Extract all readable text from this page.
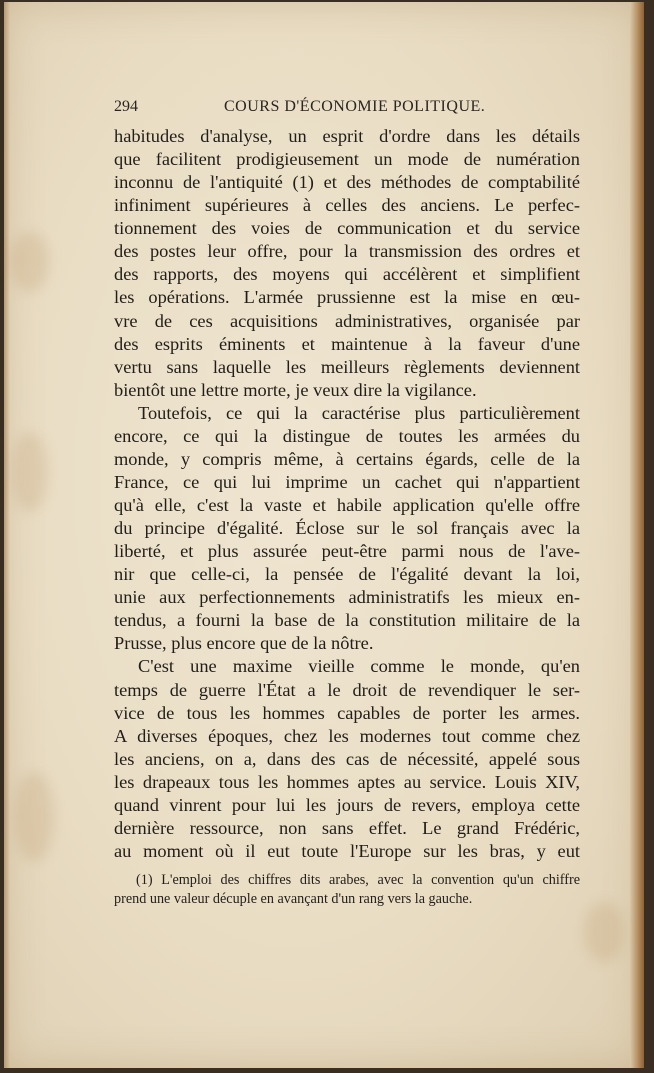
294	COURS D'ÉCONOMIE POLITIQUE.
habitudes d'analyse, un esprit d'ordre dans les détails
que facilitent prodigieusement un mode de numération
inconnu de l'antiquité (1) et des méthodes de comptabilité
infiniment supérieures à celles des anciens. Le perfec-
tionnement des voies de communication et du service
des postes leur offre, pour la transmission des ordres et
des rapports, des moyens qui accélèrent et simplifient
les opérations. L'armée prussienne est la mise en œu-
vre de ces acquisitions administratives, organisée par
des esprits éminents et maintenue à la faveur d'une
vertu sans laquelle les meilleurs règlements deviennent
bientôt une lettre morte, je veux dire la vigilance.
Toutefois, ce qui la caractérise plus particulièrement
encore, ce qui la distingue de toutes les armées du
monde, y compris même, à certains égards, celle de la
France, ce qui lui imprime un cachet qui n'appartient
qu'à elle, c'est la vaste et habile application qu'elle offre
du principe d'égalité. Éclose sur le sol français avec la
liberté, et plus assurée peut-être parmi nous de l'ave-
nir que celle-ci, la pensée de l'égalité devant la loi,
unie aux perfectionnements administratifs les mieux en-
tendus, a fourni la base de la constitution militaire de la
Prusse, plus encore que de la nôtre.
C'est une maxime vieille comme le monde, qu'en
temps de guerre l'État a le droit de revendiquer le ser-
vice de tous les hommes capables de porter les armes.
A diverses époques, chez les modernes tout comme chez
les anciens, on a, dans des cas de nécessité, appelé sous
les drapeaux tous les hommes aptes au service. Louis XIV,
quand vinrent pour lui les jours de revers, employa cette
dernière ressource, non sans effet. Le grand Frédéric,
au moment où il eut toute l'Europe sur les bras, y eut
(1) L'emploi des chiffres dits arabes, avec la convention qu'un chiffre
prend une valeur décuple en avançant d'un rang vers la gauche.
